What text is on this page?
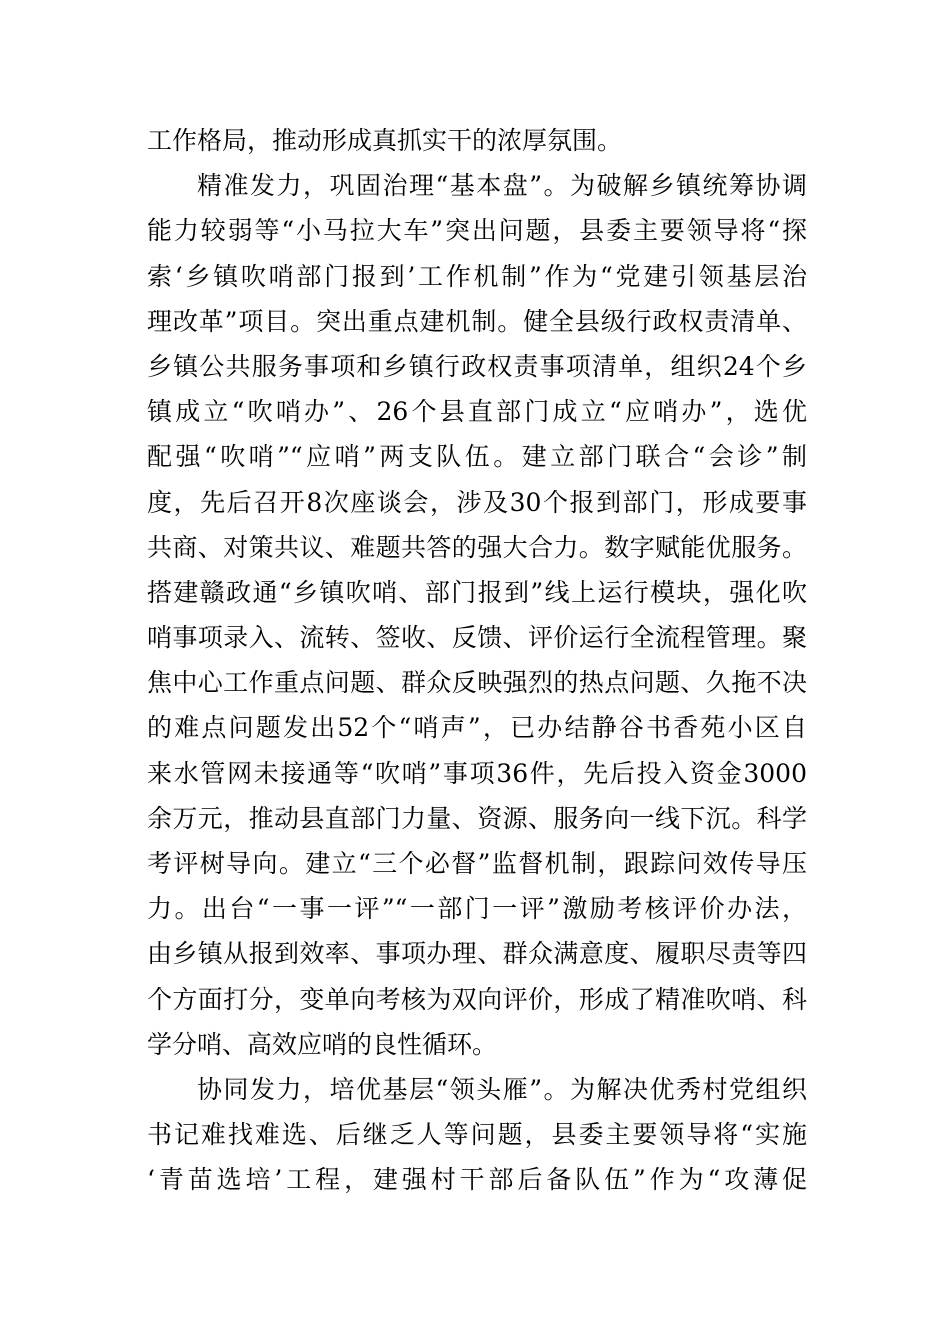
工作格局，推动形成真抓实干的浓厚氛围。
精准发力，巩固治理“基本盘”。为破解乡镇统筹协调
能力较弱等“小马拉大车”突出问题，县委主要领导将“探
索‘乡镇吹哨部门报到’工作机制”作为“党建引领基层治
理改革”项目。突出重点建机制。健全县级行政权责清单、
乡镇公共服务事项和乡镇行政权责事项清单，组织24个乡
镇成立“吹哨办”、26个县直部门成立“应哨办”，选优
配强“吹哨”“应哨”两支队伍。建立部门联合“会诊”制
度，先后召开8次座谈会，涉及30个报到部门，形成要事
共商、对策共议、难题共答的强大合力。数字赋能优服务。
搭建赣政通“乡镇吹哨、部门报到”线上运行模块，强化吹
哨事项录入、流转、签收、反馈、评价运行全流程管理。聚
焦中心工作重点问题、群众反映强烈的热点问题、久拖不决
的难点问题发出52个“哨声”，已办结静谷书香苑小区自
来水管网未接通等“吹哨”事项36件，先后投入资金3000
余万元，推动县直部门力量、资源、服务向一线下沉。科学
考评树导向。建立“三个必督”监督机制，跟踪问效传导压
力。出台“一事一评”“一部门一评”激励考核评价办法，
由乡镇从报到效率、事项办理、群众满意度、履职尽责等四
个方面打分，变单向考核为双向评价，形成了精准吹哨、科
学分哨、高效应哨的良性循环。
协同发力，培优基层“领头雁”。为解决优秀村党组织
书记难找难选、后继乏人等问题，县委主要领导将“实施
‘青苗选培’工程，建强村干部后备队伍”作为“攻薄促
